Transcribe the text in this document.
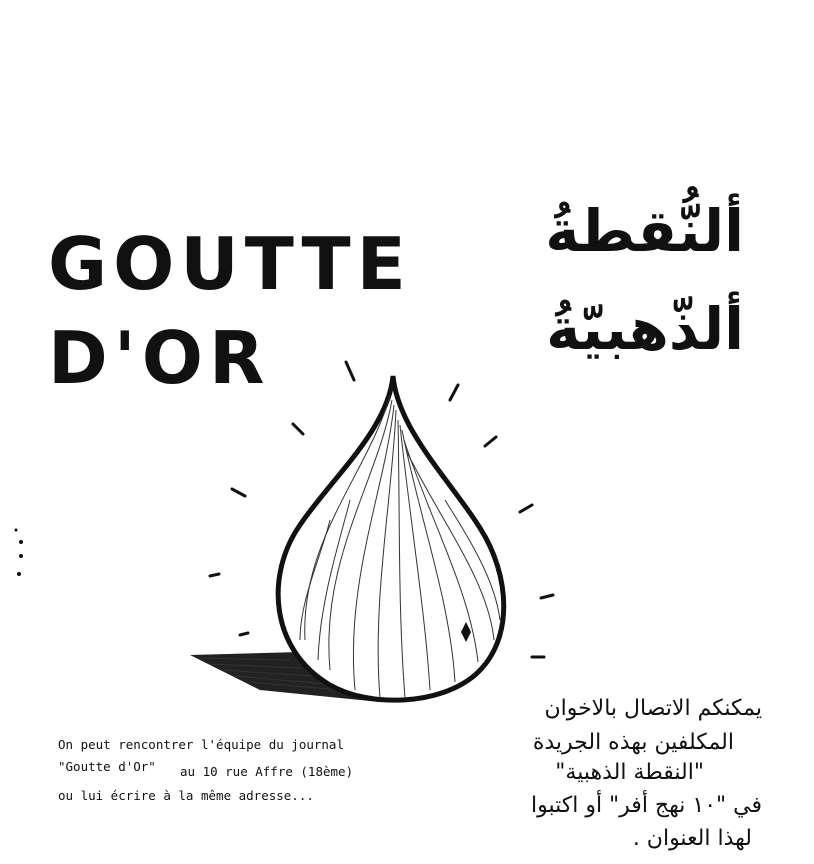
GOUTTE
D'OR
ألنُّقطةُ
ألذّهبيّةُ

On peut rencontrer l'équipe du journal

"Goutte d'Or" au 10 rue Affre (18ème)

ou lui écrire à la même adresse...

يمكنكم الاتصال بالاخوان

المكلفين بهذه الجريدة

"النقطة الذهبية"

في "١٠ نهج أفر" أو اكتبوا

لهذا العنوان .
